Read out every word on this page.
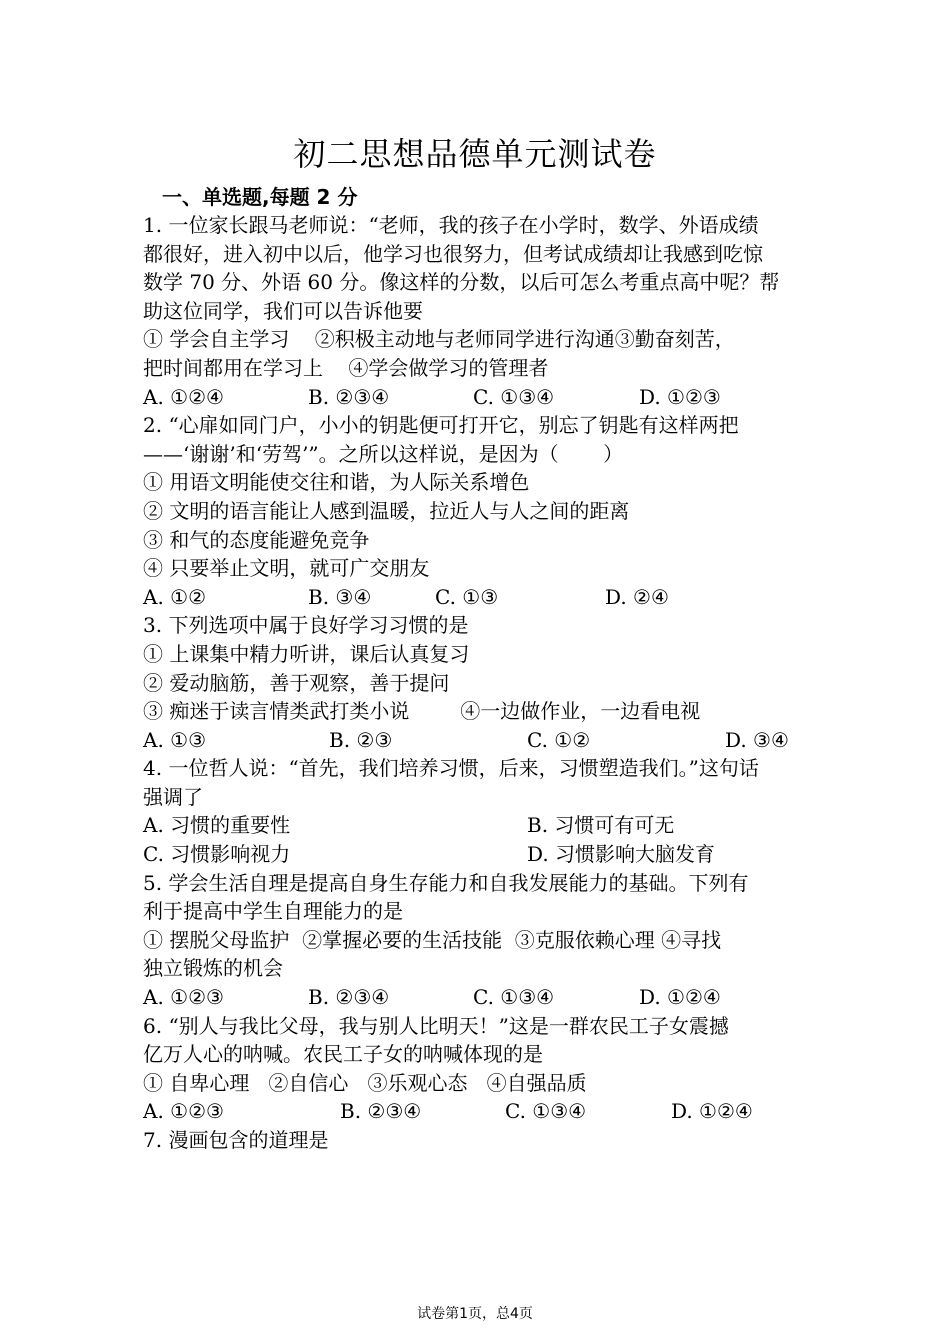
初二思想品德单元测试卷
一、单选题,每题 2 分
1. 一位家长跟马老师说：“老师，我的孩子在小学时，数学、外语成绩
都很好，进入初中以后，他学习也很努力，但考试成绩却让我感到吃惊
数学 70 分、外语 60 分。像这样的分数，以后可怎么考重点高中呢？帮
助这位同学，我们可以告诉他要
① 学会自主学习    ②积极主动地与老师同学进行沟通③勤奋刻苦，
把时间都用在学习上    ④学会做学习的管理者

A. ①②④

	B. ②③④

	C. ①③④

	D. ①②③

2. “心扉如同门户，小小的钥匙便可打开它，别忘了钥匙有这样两把
——‘谢谢’和‘劳驾’”。之所以这样说，是因为（       ）
① 用语文明能使交往和谐，为人际关系增色
② 文明的语言能让人感到温暖，拉近人与人之间的距离
③ 和气的态度能避免竞争
④ 只要举止文明，就可广交朋友

A. ①②

	B. ③④

	C. ①③

	D. ②④

3. 下列选项中属于良好学习习惯的是
① 上课集中精力听讲，课后认真复习
② 爱动脑筋，善于观察，善于提问
③ 痴迷于读言情类武打类小说        ④一边做作业，一边看电视

A. ①③

	B. ②③

	C. ①②

	D. ③④

4. 一位哲人说：“首先，我们培养习惯，后来，习惯塑造我们。”这句话
强调了

A. 习惯的重要性

	B. 习惯可有可无

C. 习惯影响视力

	D. 习惯影响大脑发育

5. 学会生活自理是提高自身生存能力和自我发展能力的基础。下列有
利于提高中学生自理能力的是
① 摆脱父母监护  ②掌握必要的生活技能  ③克服依赖心理 ④寻找
独立锻炼的机会

A. ①②③

	B. ②③④

	C. ①③④

	D. ①②④

6. “别人与我比父母，我与别人比明天！”这是一群农民工子女震撼
亿万人心的呐喊。农民工子女的呐喊体现的是
① 自卑心理   ②自信心   ③乐观心态   ④自强品质

A. ①②③

	B. ②③④

	C. ①③④

	D. ①②④

7. 漫画包含的道理是
试卷第1页，总4页
